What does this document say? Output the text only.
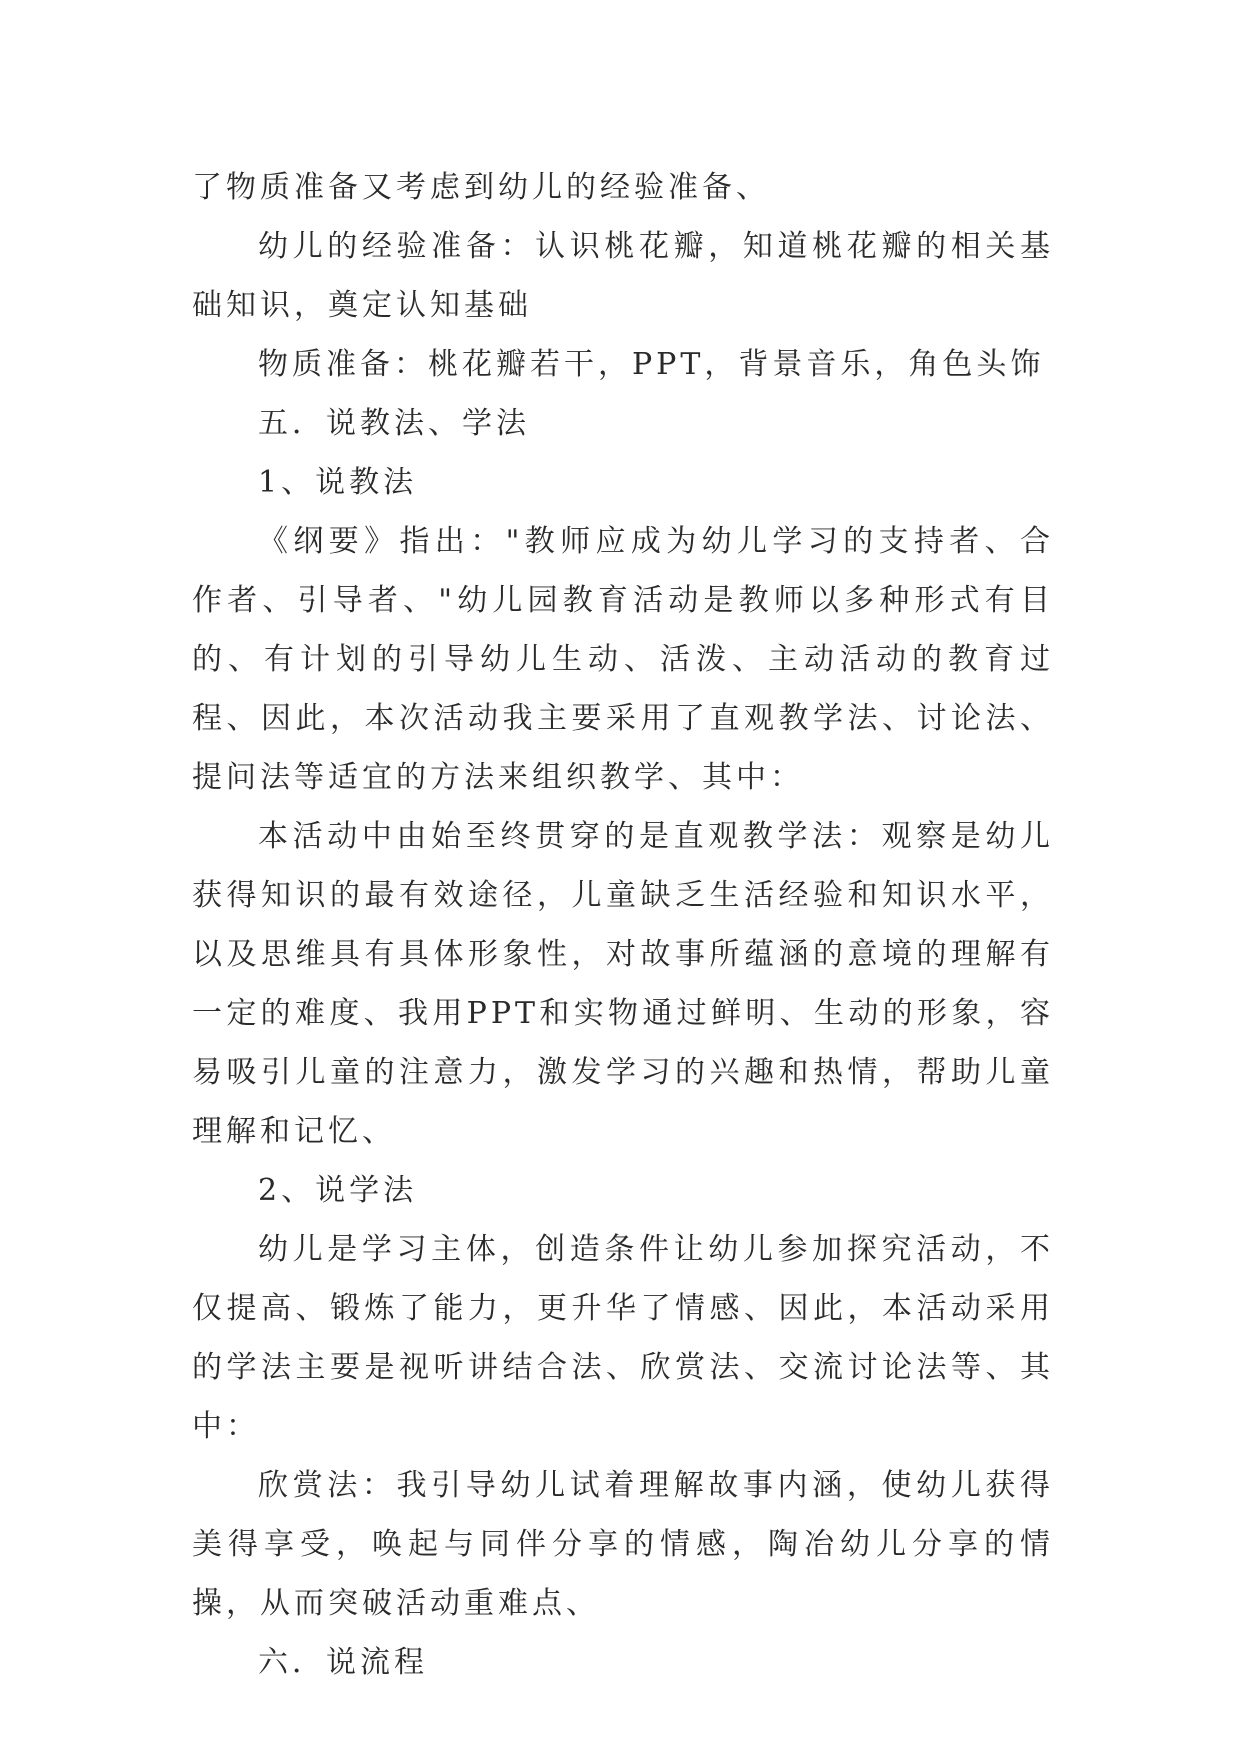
了物质准备又考虑到幼儿的经验准备、

幼儿的经验准备：认识桃花瓣，知道桃花瓣的相关基础知识，奠定认知基础

物质准备：桃花瓣若干，PPT，背景音乐，角色头饰

五．说教法、学法

1、说教法

《纲要》指出："教师应成为幼儿学习的支持者、合作者、引导者、"幼儿园教育活动是教师以多种形式有目的、有计划的引导幼儿生动、活泼、主动活动的教育过程、因此，本次活动我主要采用了直观教学法、讨论法、提问法等适宜的方法来组织教学、其中：

本活动中由始至终贯穿的是直观教学法：观察是幼儿获得知识的最有效途径，儿童缺乏生活经验和知识水平，以及思维具有具体形象性，对故事所蕴涵的意境的理解有一定的难度、我用PPT和实物通过鲜明、生动的形象，容易吸引儿童的注意力，激发学习的兴趣和热情，帮助儿童理解和记忆、

2、说学法

幼儿是学习主体，创造条件让幼儿参加探究活动，不仅提高、锻炼了能力，更升华了情感、因此，本活动采用的学法主要是视听讲结合法、欣赏法、交流讨论法等、其中：

欣赏法：我引导幼儿试着理解故事内涵，使幼儿获得美得享受，唤起与同伴分享的情感，陶冶幼儿分享的情操，从而突破活动重难点、

六．说流程
